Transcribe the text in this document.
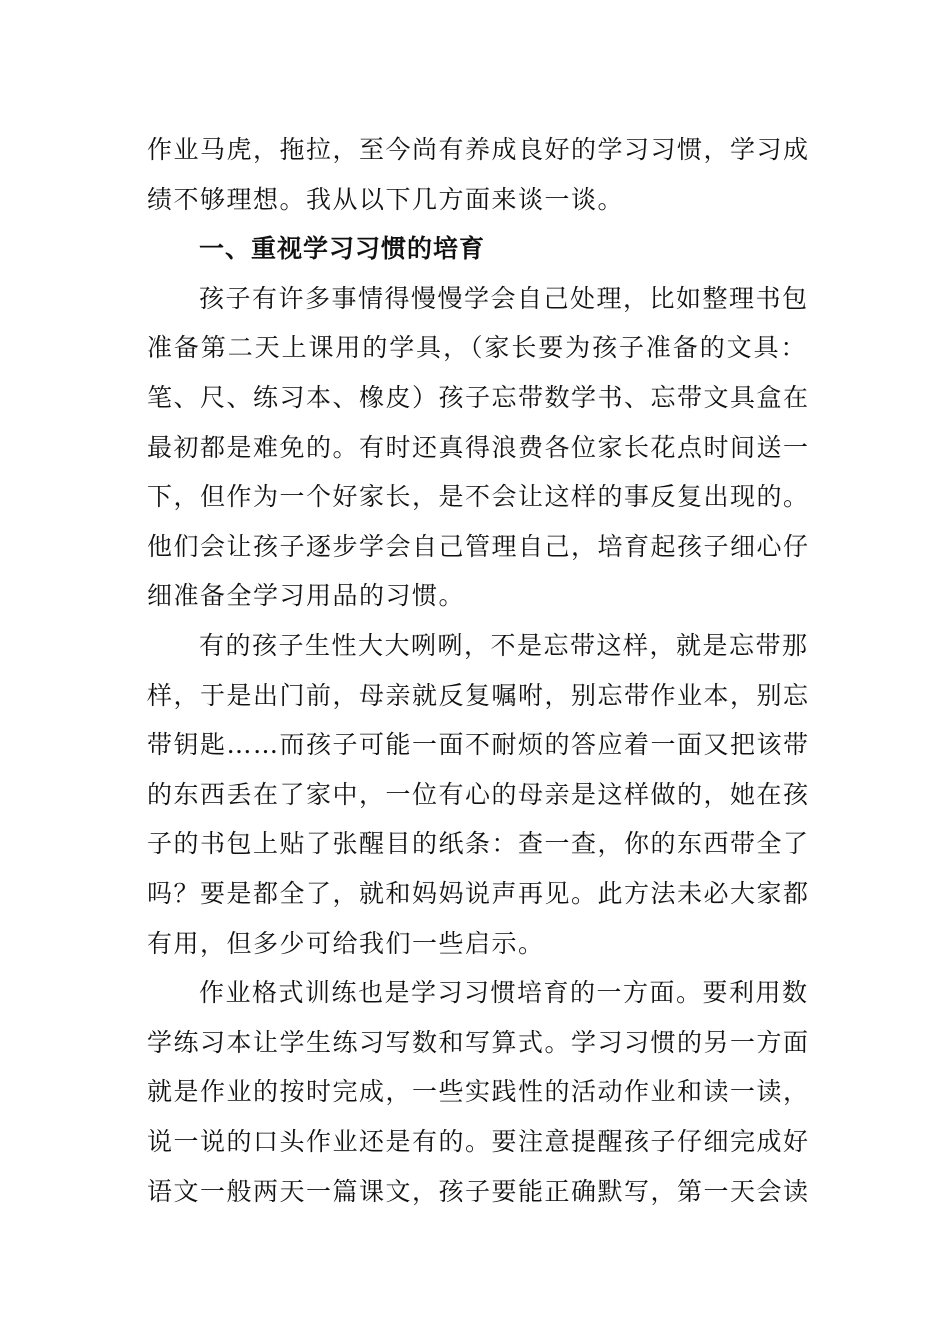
作业马虎，拖拉，至今尚有养成良好的学习习惯，学习成
绩不够理想。我从以下几方面来谈一谈。
一、重视学习习惯的培育
孩子有许多事情得慢慢学会自己处理，比如整理书包
准备第二天上课用的学具，（家长要为孩子准备的文具：
笔、尺、练习本、橡皮）孩子忘带数学书、忘带文具盒在
最初都是难免的。有时还真得浪费各位家长花点时间送一
下，但作为一个好家长，是不会让这样的事反复出现的。
他们会让孩子逐步学会自己管理自己，培育起孩子细心仔
细准备全学习用品的习惯。
有的孩子生性大大咧咧，不是忘带这样，就是忘带那
样，于是出门前，母亲就反复嘱咐，别忘带作业本，别忘
带钥匙……而孩子可能一面不耐烦的答应着一面又把该带
的东西丢在了家中，一位有心的母亲是这样做的，她在孩
子的书包上贴了张醒目的纸条：查一查，你的东西带全了
吗？要是都全了，就和妈妈说声再见。此方法未必大家都
有用，但多少可给我们一些启示。
作业格式训练也是学习习惯培育的一方面。要利用数
学练习本让学生练习写数和写算式。学习习惯的另一方面
就是作业的按时完成，一些实践性的活动作业和读一读，
说一说的口头作业还是有的。要注意提醒孩子仔细完成好
语文一般两天一篇课文，孩子要能正确默写，第一天会读
